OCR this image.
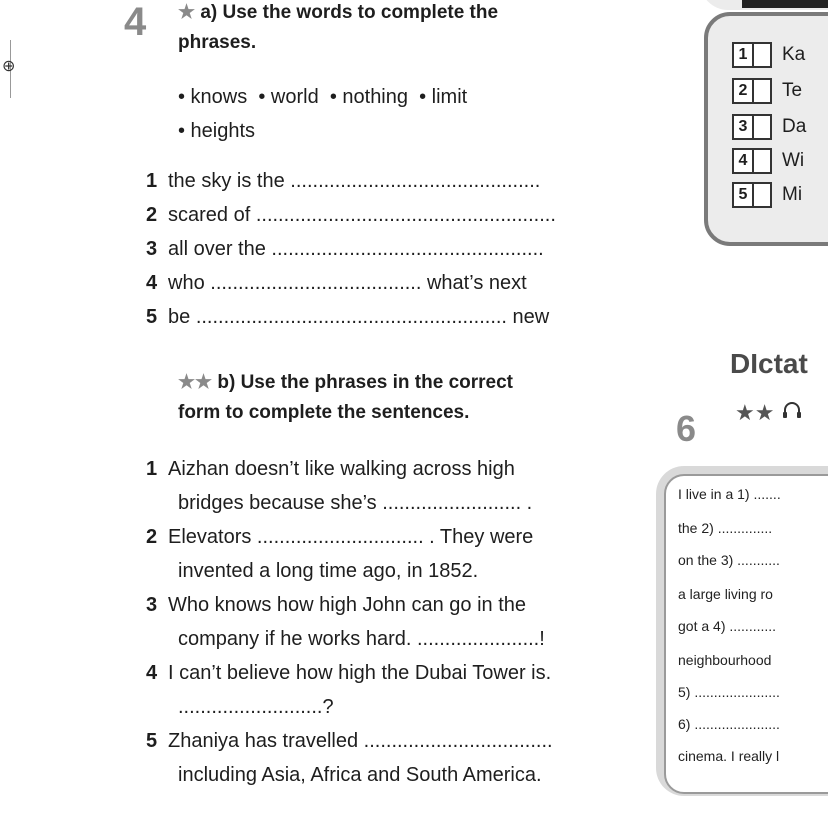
⊕
4 ★ a) Use the words to complete the
phrases.
• knows  • world  • nothing  • limit
• heights
1 the sky is the .............................................
2 scared of ......................................................
3 all over the .................................................
4 who ...................................... what’s next
5 be ........................................................ new
★★ b) Use the phrases in the correct
form to complete the sentences.
1 Aizhan doesn’t like walking across high
bridges because she’s ......................... .
2 Elevators .............................. . They were
invented a long time ago, in 1852.
3 Who knows how high John can go in the
company if he works hard. ......................!
4 I can’t believe how high the Dubai Tower is.
..........................?
5 Zhaniya has travelled ..................................
including Asia, Africa and South America.
1	Ka
2	Te
3	Da
4	Wi
5	Mi
DIctat
6 ★★
I live in a 1) .......
the 2) ..............
on the 3) ...........
a large living ro
got a 4) ............
neighbourhood
5) ......................
6) ......................
cinema. I really l
